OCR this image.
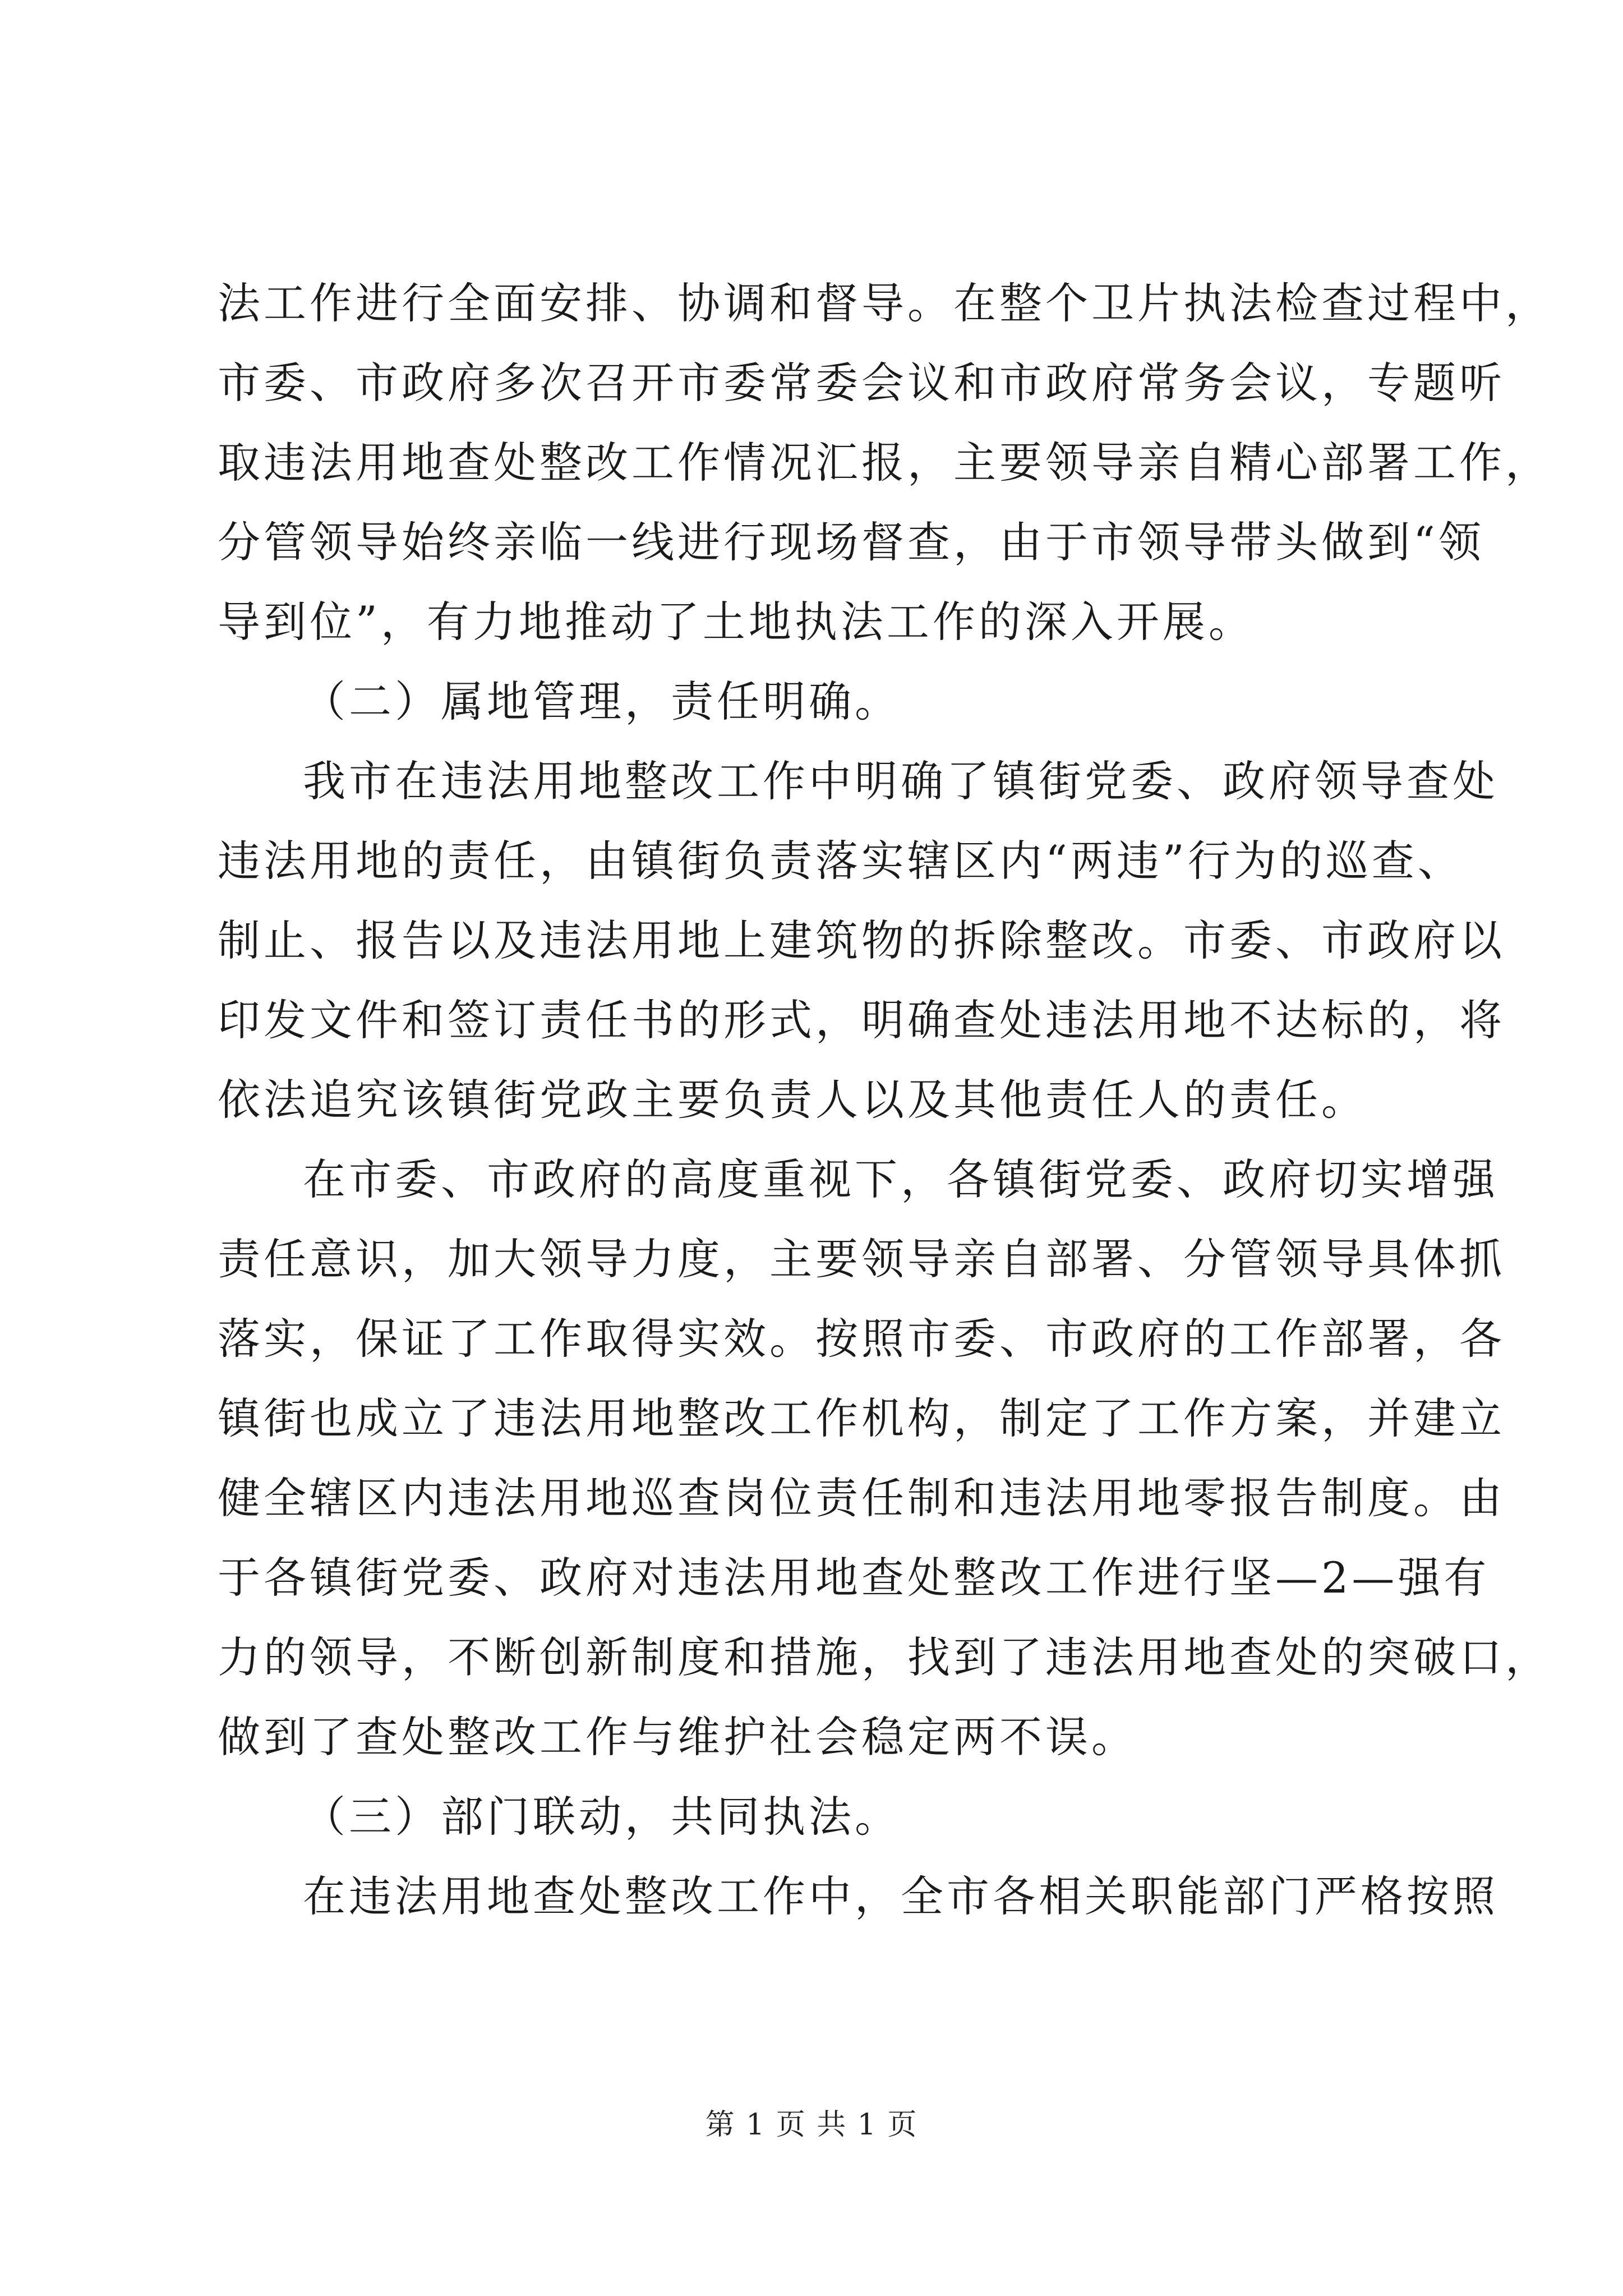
法工作进行全面安排、协调和督导。在整个卫片执法检查过程中，
市委、市政府多次召开市委常委会议和市政府常务会议，专题听
取违法用地查处整改工作情况汇报，主要领导亲自精心部署工作，
分管领导始终亲临一线进行现场督查，由于市领导带头做到“领
导到位”，有力地推动了土地执法工作的深入开展。
（二）属地管理，责任明确。
我市在违法用地整改工作中明确了镇街党委、政府领导查处
违法用地的责任，由镇街负责落实辖区内“两违”行为的巡查、
制止、报告以及违法用地上建筑物的拆除整改。市委、市政府以
印发文件和签订责任书的形式，明确查处违法用地不达标的，将
依法追究该镇街党政主要负责人以及其他责任人的责任。
在市委、市政府的高度重视下，各镇街党委、政府切实增强
责任意识，加大领导力度，主要领导亲自部署、分管领导具体抓
落实，保证了工作取得实效。按照市委、市政府的工作部署，各
镇街也成立了违法用地整改工作机构，制定了工作方案，并建立
健全辖区内违法用地巡查岗位责任制和违法用地零报告制度。由
于各镇街党委、政府对违法用地查处整改工作进行坚—2—强有
力的领导，不断创新制度和措施，找到了违法用地查处的突破口，
做到了查处整改工作与维护社会稳定两不误。
（三）部门联动，共同执法。
在违法用地查处整改工作中，全市各相关职能部门严格按照
第 1 页 共 1 页
